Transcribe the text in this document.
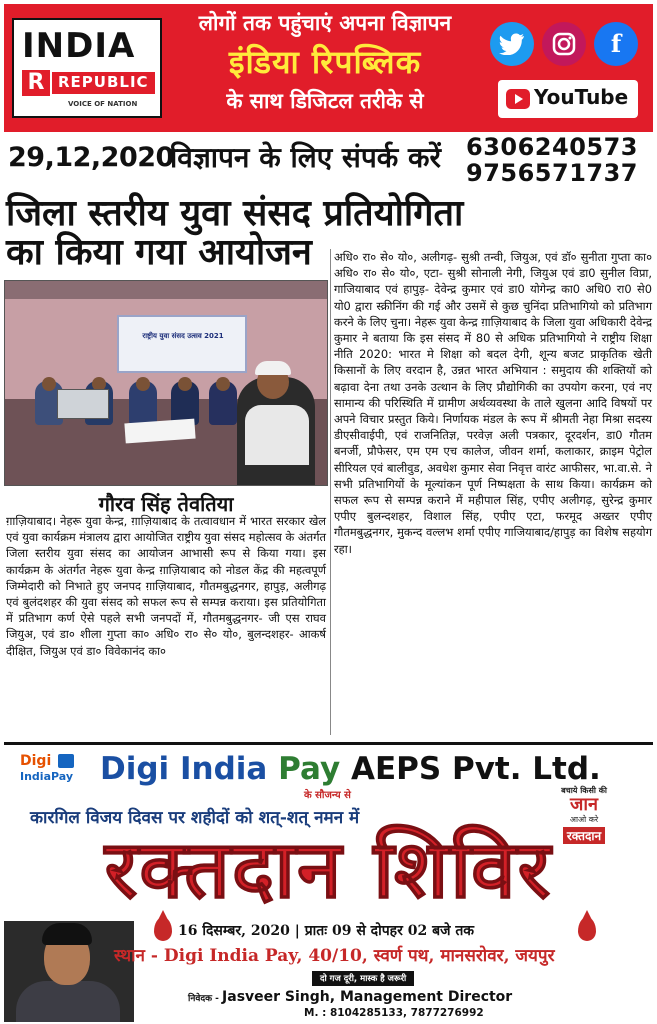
INDIA
R REPUBLIC
VOICE OF NATION
लोगों तक पहुंचाएं अपना विज्ञापन
इंडिया रिपब्लिक
के साथ डिजिटल तरीके से
f
YouTube
29,12,2020
विज्ञापन के लिए संपर्क करें 6306240573
9756571737
जिला स्तरीय युवा संसद प्रतियोगिता
का किया गया आयोजन
राष्ट्रीय युवा संसद उत्सव 2021
गौरव सिंह तेवतिया
ग़ाज़ियाबाद। नेहरू युवा केन्द्र, ग़ाज़ियाबाद के तत्वावधान में भारत सरकार खेल एवं युवा कार्यक्रम मंत्रालय द्वारा आयोजित राष्ट्रीय युवा संसद महोत्सव के अंतर्गत जिला स्तरीय युवा संसद का आयोजन आभासी रूप से किया गया। इस कार्यक्रम के अंतर्गत नेहरू युवा केन्द्र ग़ाज़ियाबाद को नोडल केंद्र की महत्वपूर्ण जिम्मेदारी को निभाते हुए जनपद ग़ाज़ियाबाद, गौतमबुद्धनगर, हापुड़, अलीगढ़ एवं बुलंदशहर की युवा संसद को सफल रूप से सम्पन्न कराया। इस प्रतियोगिता में प्रतिभाग कर्ण ऐसे पहले सभी जनपदों में, गौतमबुद्धनगर- जी एस राघव जियुअ, एवं डा० शीला गुप्ता का० अधि० रा० से० यो०, बुलन्दशहर- आकर्ष दीक्षित, जियुअ एवं डा० विवेकानंद का०
अधि० रा० से० यो०, अलीगढ़- सुश्री तन्वी, जियुअ, एवं डॉ० सुनीता गुप्ता का० अधि० रा० से० यो०, एटा- सुश्री सोनाली नेगी, जियुअ एवं डा0 सुनील विप्रा, गाजियाबाद एवं हापुड़- देवेन्द्र कुमार एवं डा0 योगेन्द्र का0 अधि0 रा0 से0 यो0 द्वारा स्क्रीनिंग की गई और उसमें से कुछ चुनिंदा प्रतिभागियो को प्रतिभाग करने के लिए चुना। नेहरू युवा केन्द्र ग़ाज़ियाबाद के जिला युवा अधिकारी देवेन्द्र कुमार ने बताया कि इस संसद में 80 से अधिक प्रतिभागियो ने राष्ट्रीय शिक्षा नीति 2020: भारत मे शिक्षा को बदल देगी, शून्य बजट प्राकृतिक खेती किसानों के लिए वरदान है, उन्नत भारत अभियान : समुदाय की शक्तियों को बढ़ावा देना तथा उनके उत्थान के लिए प्रौद्योगिकी का उपयोग करना, एवं नए सामान्य की परिस्थिति में ग्रामीण अर्थव्यवस्था के ताले खुलना आदि विषयों पर अपने विचार प्रस्तुत किये। निर्णायक मंडल के रूप में श्रीमती नेहा मिश्रा सदस्य डीएसीवाईपी, एवं राजनितिज्ञ, परवेज़ अली पत्रकार, दूरदर्शन, डा0 गौतम बनर्जी, प्रौफेसर, एम एम एच कालेज, जीवन शर्मा, कलाकार, क्राइम पेट्रोल सीरियल एवं बालीवुड, अवधेश कुमार सेवा निवृत्त वारंट आफीसर, भा.वा.से. ने सभी प्रतिभागियों के मूल्यांकन पूर्ण निष्पक्षता के साथ किया। कार्यक्रम को सफल रूप से सम्पन्न कराने में महीपाल सिंह, एपीए अलीगढ़, सुरेन्द्र कुमार एपीए बुलन्दशहर, विशाल सिंह, एपीए एटा, फरमूद अख्तर एपीए गौतमबुद्धनगर, मुकन्द वल्लभ शर्मा एपीए गाजियाबाद/हापुड़ का विशेष सहयोग रहा।
Digi
IndiaPay Digi India Pay AEPS Pvt. Ltd.
के सौजन्य से	बचाये किसी की
जान
आओ करे
रक्तदान
कारगिल विजय दिवस पर शहीदों को शत्-शत् नमन में
रक्तदान शिविर
16 दिसम्बर, 2020 | प्रातः 09 से दोपहर 02 बजे तक
स्थान - Digi India Pay, 40/10, स्वर्ण पथ, मानसरोवर, जयपुर
दो गज दूरी, मास्क है जरूरी
निवेदक - Jasveer Singh, Management Director
M. : 8104285133, 7877276992
